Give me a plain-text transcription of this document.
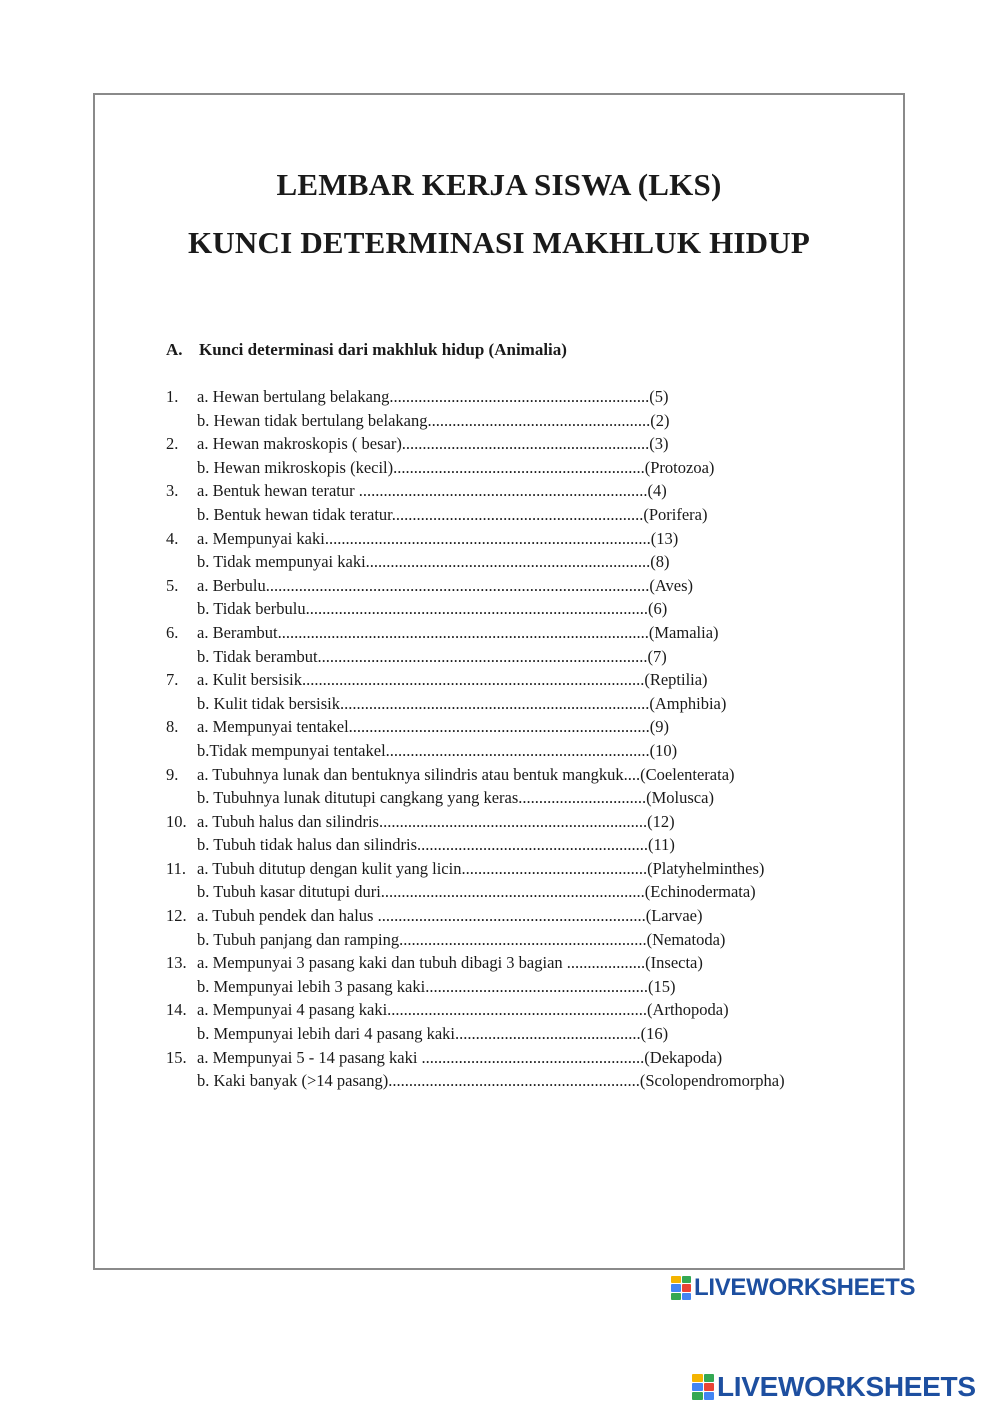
LEMBAR KERJA SISWA (LKS)
KUNCI DETERMINASI MAKHLUK HIDUP
A. Kunci determinasi dari makhluk hidup (Animalia)
1.	a. Hewan bertulang belakang...............................................................(5)
b. Hewan tidak bertulang belakang......................................................(2)
2.	a. Hewan makroskopis ( besar)............................................................(3)
b. Hewan mikroskopis (kecil).............................................................(Protozoa)
3.	a. Bentuk hewan teratur ......................................................................(4)
b. Bentuk hewan tidak teratur.............................................................(Porifera)
4.	a. Mempunyai kaki...............................................................................(13)
b. Tidak mempunyai kaki.....................................................................(8)
5.	a. Berbulu.............................................................................................(Aves)
b. Tidak berbulu...................................................................................(6)
6.	a. Berambut..........................................................................................(Mamalia)
b. Tidak berambut................................................................................(7)
7.	a. Kulit bersisik...................................................................................(Reptilia)
b. Kulit tidak bersisik...........................................................................(Amphibia)
8.	a. Mempunyai tentakel.........................................................................(9)
b.Tidak mempunyai tentakel................................................................(10)
9.	a. Tubuhnya lunak dan bentuknya silindris atau bentuk mangkuk....(Coelenterata)
b. Tubuhnya lunak ditutupi cangkang yang keras...............................(Molusca)
10. a. Tubuh halus dan silindris.................................................................(12)
b. Tubuh tidak halus dan silindris........................................................(11)
11. a. Tubuh ditutup dengan kulit yang licin.............................................(Platyhelminthes)
b. Tubuh kasar ditutupi duri................................................................(Echinodermata)
12. a. Tubuh pendek dan halus .................................................................(Larvae)
b. Tubuh panjang dan ramping............................................................(Nematoda)
13. a. Mempunyai 3 pasang kaki dan tubuh dibagi 3 bagian ...................(Insecta)
b. Mempunyai lebih 3 pasang kaki......................................................(15)
14. a. Mempunyai 4 pasang kaki...............................................................(Arthopoda)
b. Mempunyai lebih dari 4 pasang kaki.............................................(16)
15. a. Mempunyai 5 - 14 pasang kaki ......................................................(Dekapoda)
b. Kaki banyak (>14 pasang).............................................................(Scolopendromorpha)
LIVEWORKSHEETS
LIVEWORKSHEETS
